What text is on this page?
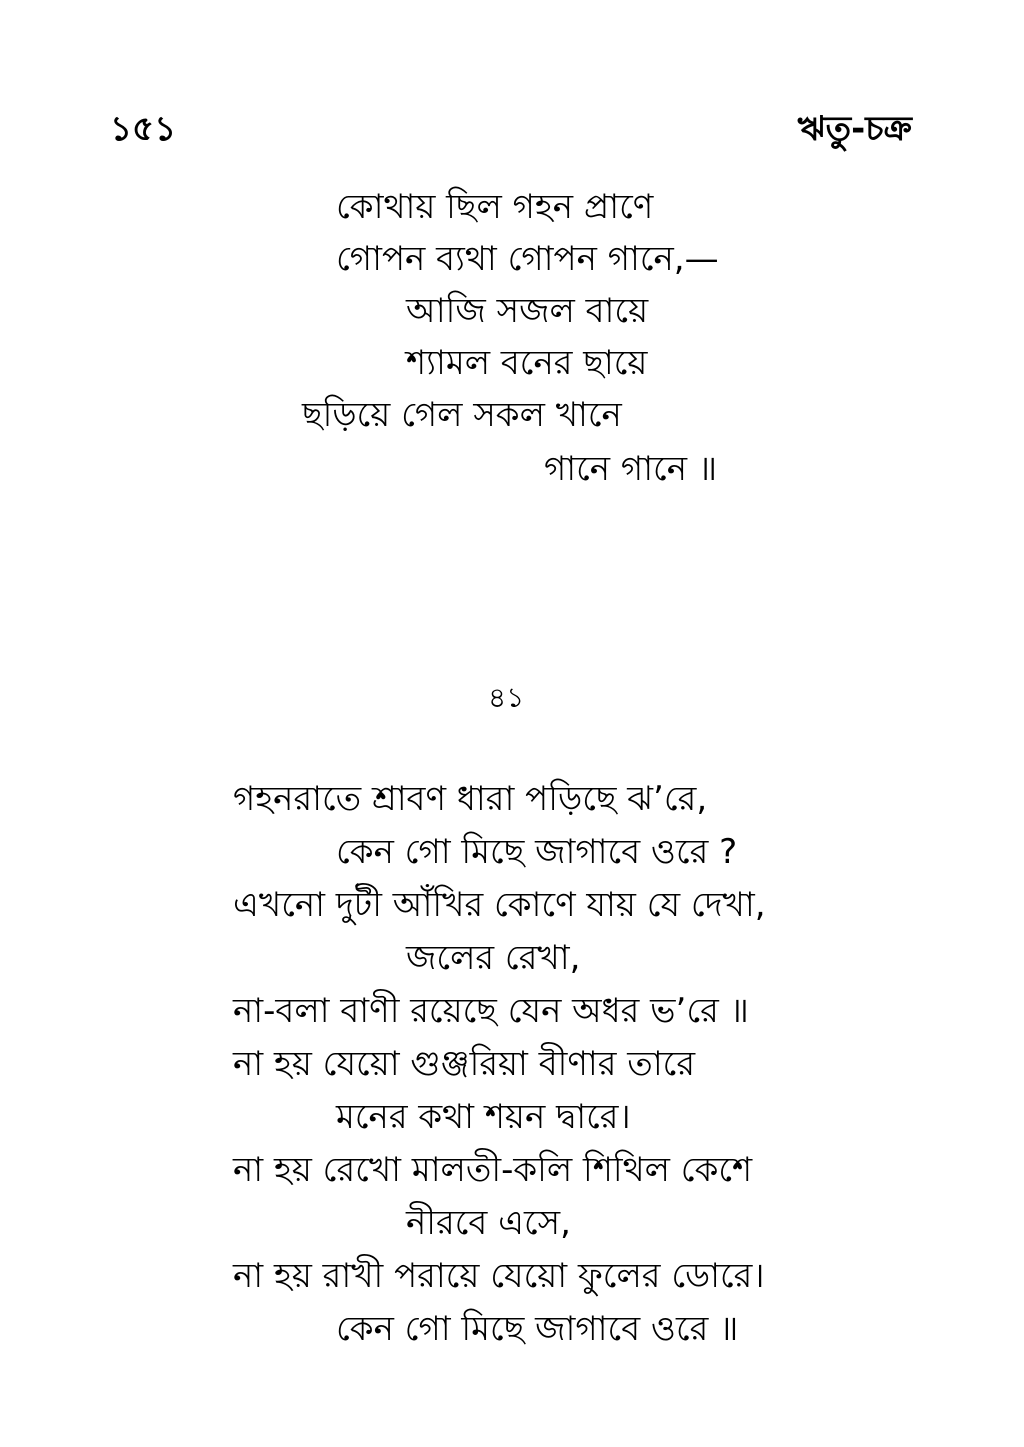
১৫১	ঋতু-চক্র
কোথায় ছিল গহন প্রাণে
গোপন ব্যথা গোপন গানে,—
আজি সজল বায়ে
শ্যামল বনের ছায়ে
ছড়িয়ে গেল সকল খানে
গানে গানে ॥
৪১
গহনরাতে শ্রাবণ ধারা পড়িছে ঝ’রে,
কেন গো মিছে জাগাবে ওরে ?
এখনো দুটী আঁখির কোণে যায় যে দেখা,
জলের রেখা,
না-বলা বাণী রয়েছে যেন অধর ভ’রে ॥
না হয় যেয়ো গুঞ্জরিয়া বীণার তারে
মনের কথা শয়ন দ্বারে।
না হয় রেখো মালতী-কলি শিথিল কেশে
নীরবে এসে,
না হয় রাখী পরায়ে যেয়ো ফুলের ডোরে।
কেন গো মিছে জাগাবে ওরে ॥
